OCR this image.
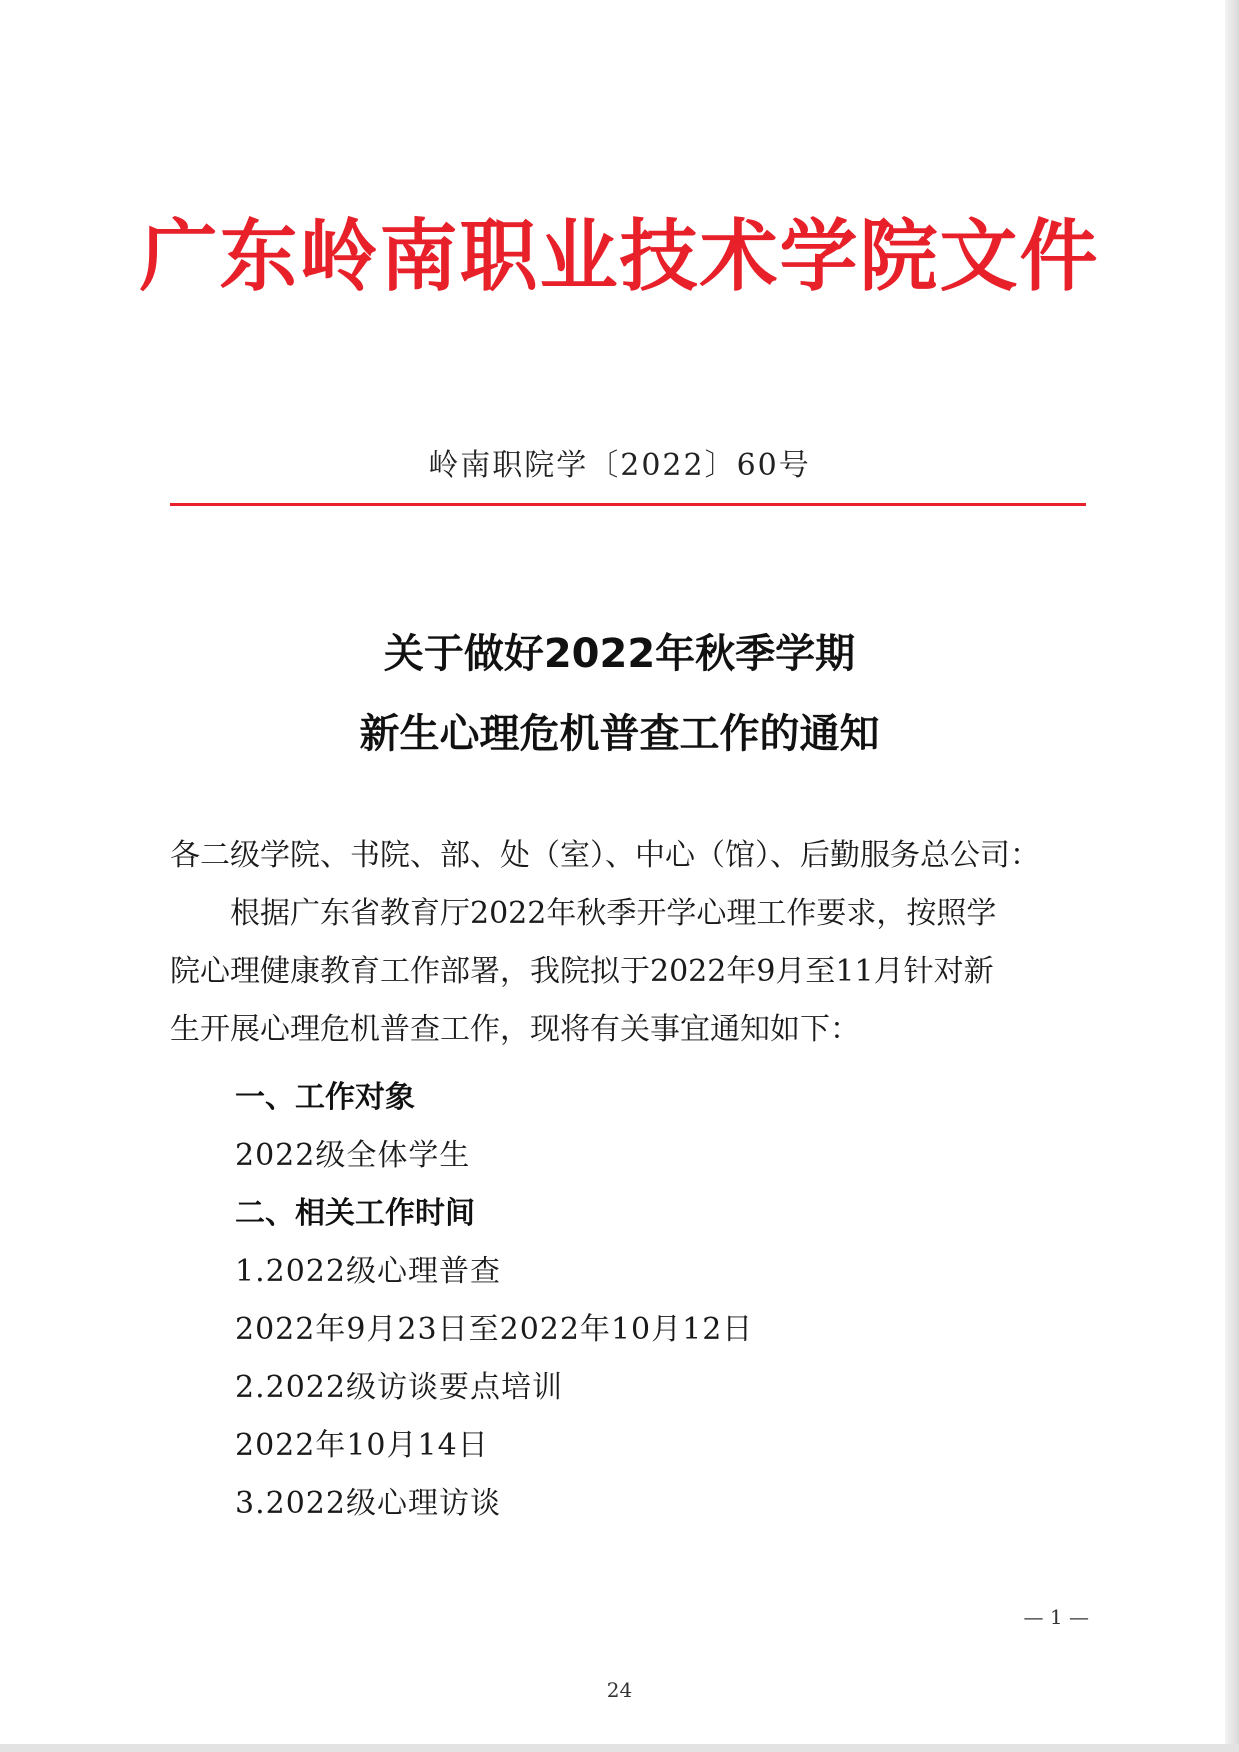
广东岭南职业技术学院文件
岭南职院学〔2022〕60号
关于做好2022年秋季学期
新生心理危机普查工作的通知
各二级学院、书院、部、处（室）、中心（馆）、后勤服务总公司：
　　根据广东省教育厅2022年秋季开学心理工作要求，按照学
院心理健康教育工作部署，我院拟于2022年9月至11月针对新
生开展心理危机普查工作，现将有关事宜通知如下：
一、工作对象
2022级全体学生
二、相关工作时间
1.2022级心理普查
2022年9月23日至2022年10月12日
2.2022级访谈要点培训
2022年10月14日
3.2022级心理访谈
— 1 —
24
